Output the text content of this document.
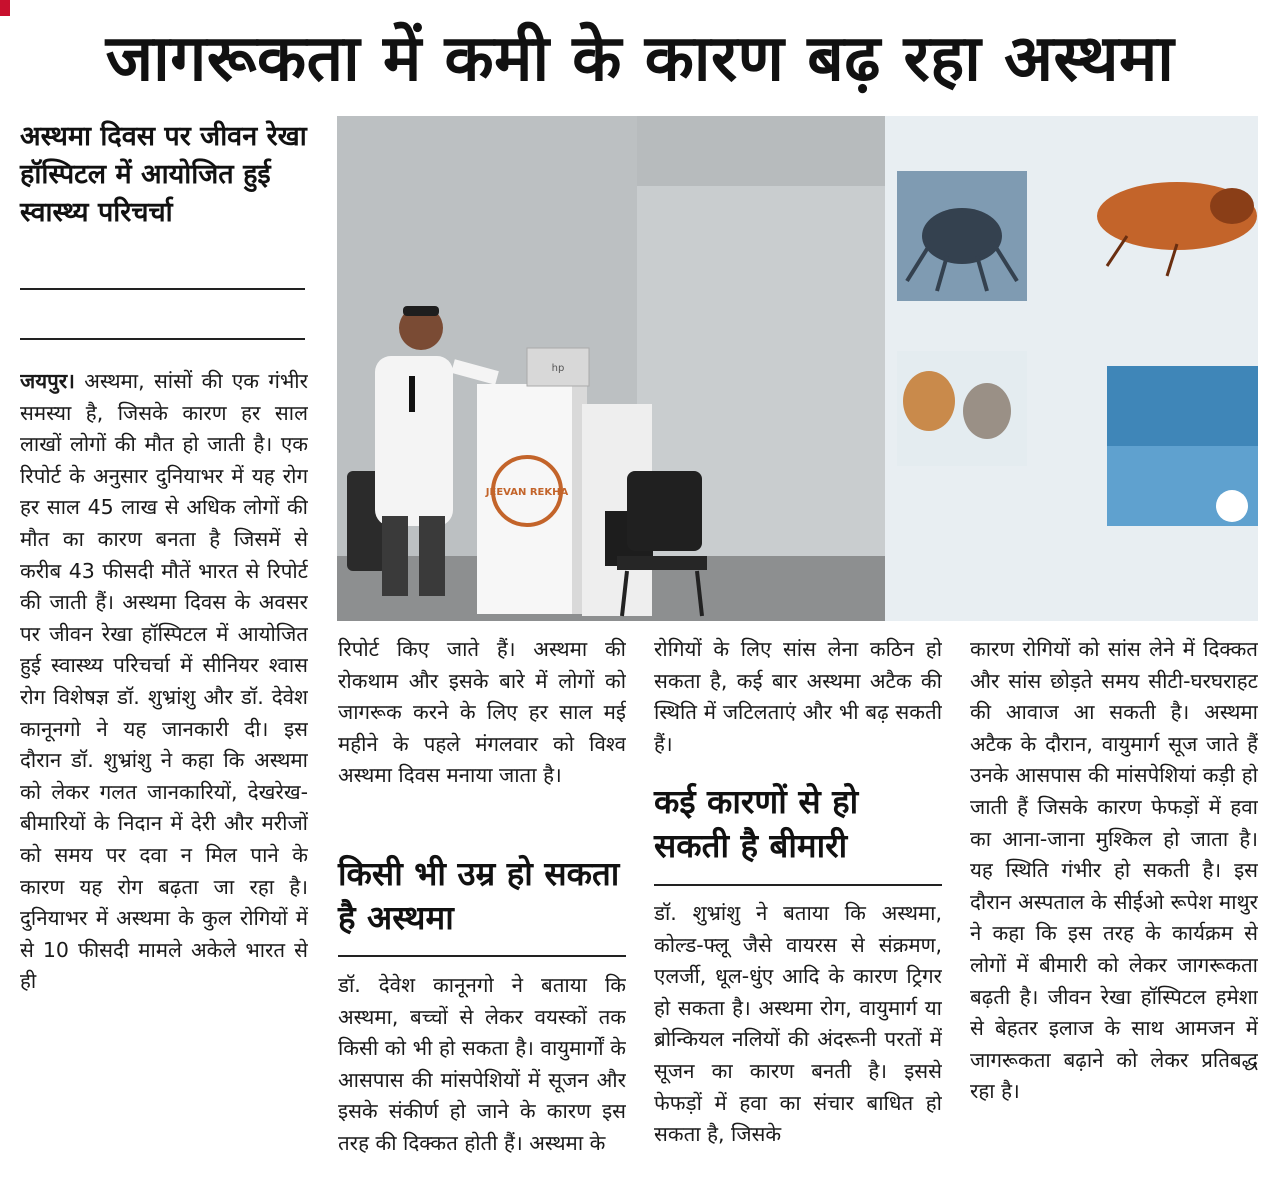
जागरूकता में कमी के कारण बढ़ रहा अस्थमा
अस्थमा दिवस पर जीवन रेखा हॉस्पिटल में आयोजित हुई स्वास्थ्य परिचर्चा
JEEVAN REKHA
hp

जयपुर। अस्थमा, सांसों की एक गंभीर समस्या है, जिसके कारण हर साल लाखों लोगों की मौत हो जाती है। एक रिपोर्ट के अनुसार दुनियाभर में यह रोग हर साल 45 लाख से अधिक लोगों की मौत का कारण बनता है जिसमें से करीब 43 फीसदी मौतें भारत से रिपोर्ट की जाती हैं। अस्थमा दिवस के अवसर पर जीवन रेखा हॉस्पिटल में आयोजित हुई स्वास्थ्य परिचर्चा में सीनियर श्वास रोग विशेषज्ञ डॉ. शुभ्रांशु और डॉ. देवेश कानूनगो ने यह जानकारी दी। इस दौरान डॉ. शुभ्रांशु ने कहा कि अस्थमा को लेकर गलत जानकारियों, देखरेख-बीमारियों के निदान में देरी और मरीजों को समय पर दवा न मिल पाने के कारण यह रोग बढ़ता जा रहा है। दुनियाभर में अस्थमा के कुल रोगियों में से 10 फीसदी मामले अकेले भारत से ही

रिपोर्ट किए जाते हैं। अस्थमा की रोकथाम और इसके बारे में लोगों को जागरूक करने के लिए हर साल मई महीने के पहले मंगलवार को विश्व अस्थमा दिवस मनाया जाता है।

किसी भी उम्र हो सकता है अस्थमा

डॉ. देवेश कानूनगो ने बताया कि अस्थमा, बच्चों से लेकर वयस्कों तक किसी को भी हो सकता है। वायुमार्गों के आसपास की मांसपेशियों में सूजन और इसके संकीर्ण हो जाने के कारण इस तरह की दिक्कत होती हैं। अस्थमा के

रोगियों के लिए सांस लेना कठिन हो सकता है, कई बार अस्थमा अटैक की स्थिति में जटिलताएं और भी बढ़ सकती हैं।

कई कारणों से हो सकती है बीमारी

डॉ. शुभ्रांशु ने बताया कि अस्थमा, कोल्ड-फ्लू जैसे वायरस से संक्रमण, एलर्जी, धूल-धुंए आदि के कारण ट्रिगर हो सकता है। अस्थमा रोग, वायुमार्ग या ब्रोन्कियल नलियों की अंदरूनी परतों में सूजन का कारण बनती है। इससे फेफड़ों में हवा का संचार बाधित हो सकता है, जिसके

कारण रोगियों को सांस लेने में दिक्कत और सांस छोड़ते समय सीटी-घरघराहट की आवाज आ सकती है। अस्थमा अटैक के दौरान, वायुमार्ग सूज जाते हैं उनके आसपास की मांसपेशियां कड़ी हो जाती हैं जिसके कारण फेफड़ों में हवा का आना-जाना मुश्किल हो जाता है। यह स्थिति गंभीर हो सकती है। इस दौरान अस्पताल के सीईओ रूपेश माथुर ने कहा कि इस तरह के कार्यक्रम से लोगों में बीमारी को लेकर जागरूकता बढ़ती है। जीवन रेखा हॉस्पिटल हमेशा से बेहतर इलाज के साथ आमजन में जागरूकता बढ़ाने को लेकर प्रतिबद्ध रहा है।
